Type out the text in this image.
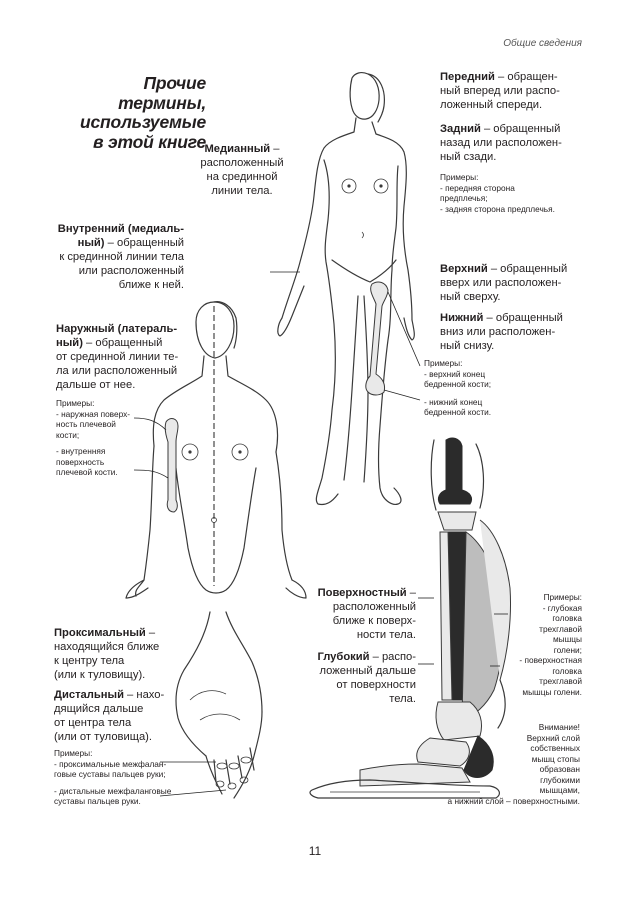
Общие сведения
Прочие термины,
используемые
в этой книге
Медианный –
расположенный
на срединной
линии тела.
Внутренний (медиаль-
ный) – обращенный
к срединной линии тела
или расположенный
ближе к ней.
Наружный (латераль-
ный) – обращенный
от срединной линии те-
ла или расположенный
дальше от нее.
Примеры:
- наружная поверх-
ность плечевой
кости;
- внутренняя
поверхность
плечевой кости.
Передний – обращен-
ный вперед или распо-
ложенный спереди.
Задний – обращенный
назад или расположен-
ный сзади.
Примеры:
- передняя сторона
предплечья;
- задняя сторона предплечья.
Верхний – обращенный
вверх или расположен-
ный сверху.
Нижний – обращенный
вниз или расположен-
ный снизу.
Примеры:
- верхний конец
бедренной кости;
- нижний конец
бедренной кости.
Поверхностный –
расположенный
ближе к поверх-
ности тела.
Глубокий – распо-
ложенный дальше
от поверхности
тела.
Примеры:
- глубокая
головка
трехглавой
мышцы
голени;
- поверхностная
головка
трехглавой
мышцы голени.
Внимание!
Верхний слой
собственных
мышц стопы
образован
глубокими
мышцами,
а нижний слой – поверхностными.
Проксимальный –
находящийся ближе
к центру тела
(или к туловищу).
Дистальный – нахо-
дящийся дальше
от центра тела
(или от туловища).
Примеры:
- проксимальные межфалан-
говые суставы пальцев руки;
- дистальные межфаланговые
суставы пальцев руки.
11
